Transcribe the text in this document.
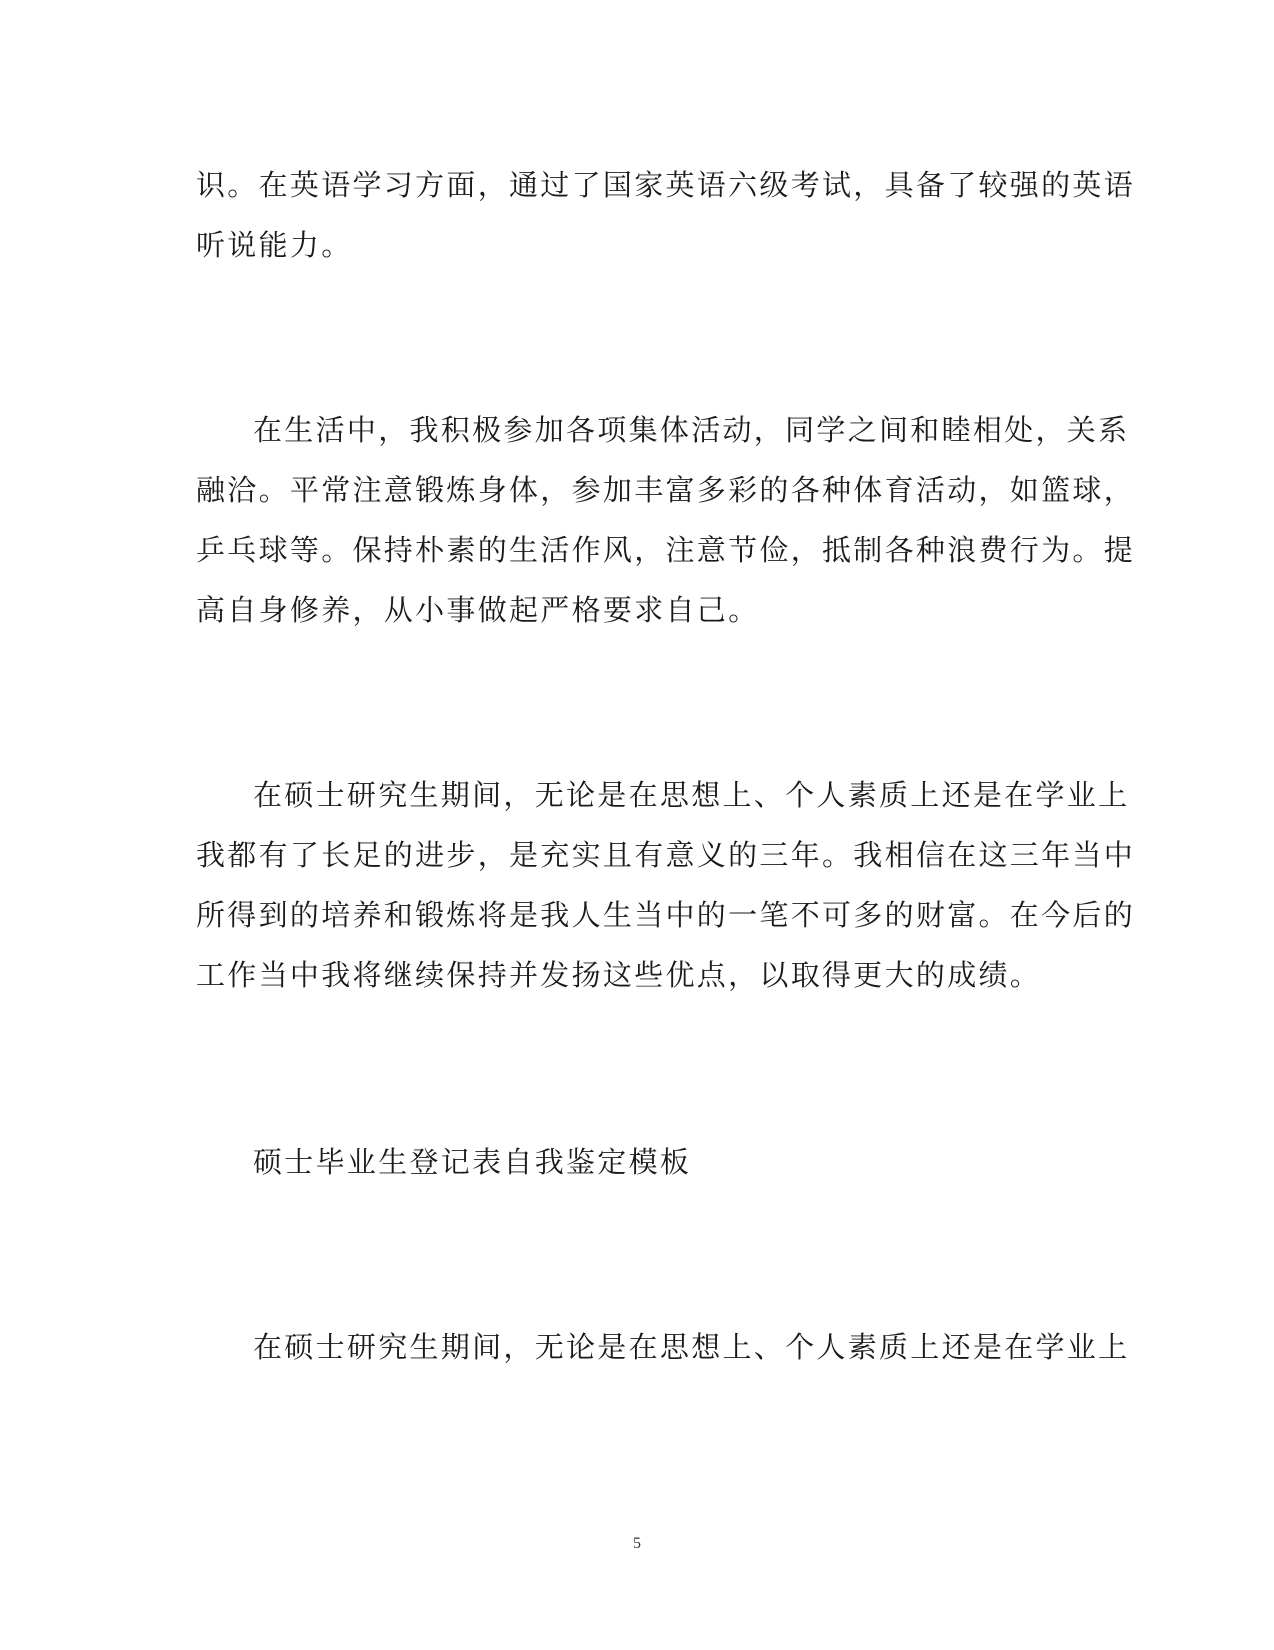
识。在英语学习方面，通过了国家英语六级考试，具备了较强的英语
听说能力。
在生活中，我积极参加各项集体活动，同学之间和睦相处，关系
融洽。平常注意锻炼身体，参加丰富多彩的各种体育活动，如篮球，
乒乓球等。保持朴素的生活作风，注意节俭，抵制各种浪费行为。提
高自身修养，从小事做起严格要求自己。
在硕士研究生期间，无论是在思想上、个人素质上还是在学业上
我都有了长足的进步，是充实且有意义的三年。我相信在这三年当中
所得到的培养和锻炼将是我人生当中的一笔不可多的财富。在今后的
工作当中我将继续保持并发扬这些优点，以取得更大的成绩。
硕士毕业生登记表自我鉴定模板
在硕士研究生期间，无论是在思想上、个人素质上还是在学业上
5
